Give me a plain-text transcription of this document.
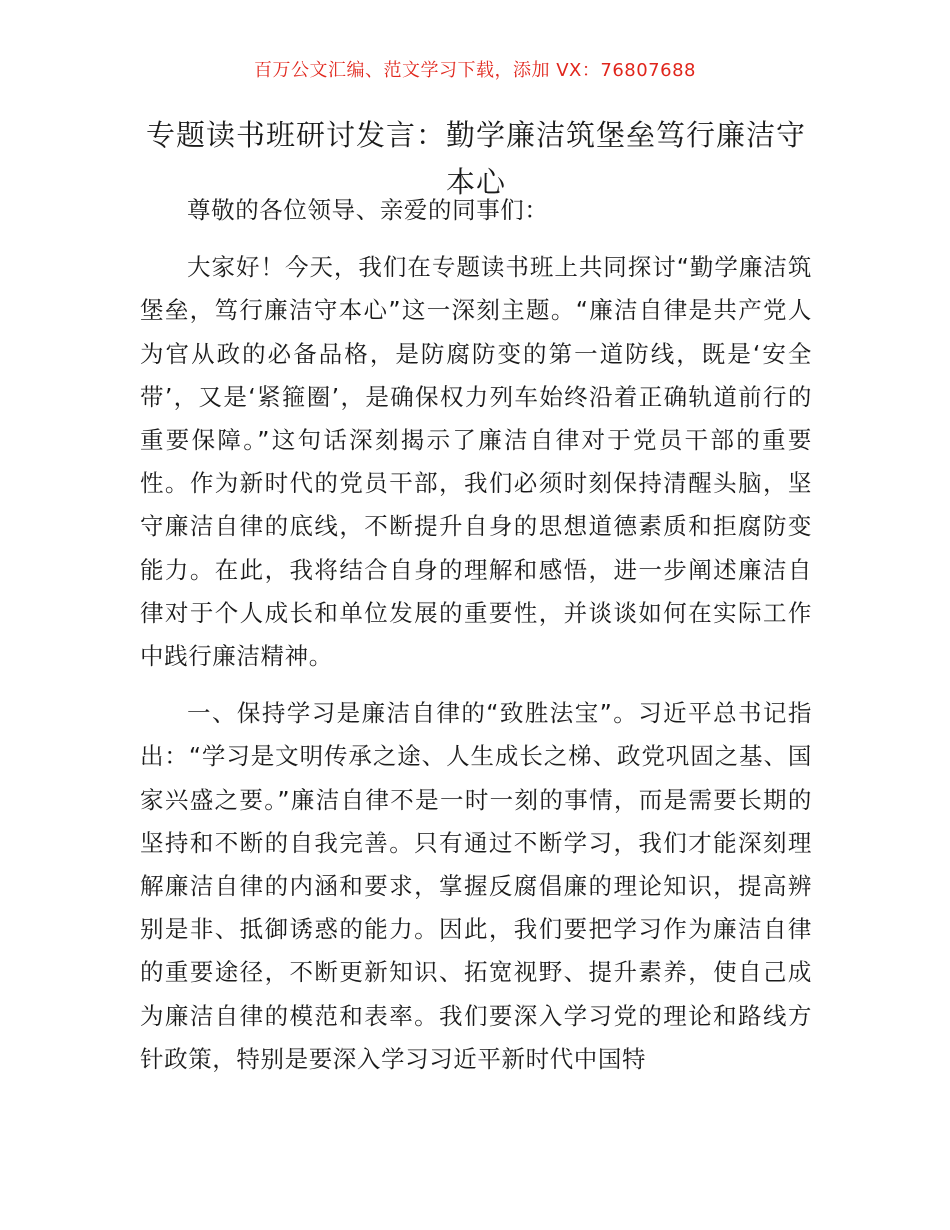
百万公文汇编、范文学习下载，添加 VX：76807688
专题读书班研讨发言：勤学廉洁筑堡垒笃行廉洁守本心

尊敬的各位领导、亲爱的同事们：

大家好！今天，我们在专题读书班上共同探讨“勤学廉洁筑堡垒，笃行廉洁守本心”这一深刻主题。“廉洁自律是共产党人为官从政的必备品格，是防腐防变的第一道防线，既是‘安全带’，又是‘紧箍圈’，是确保权力列车始终沿着正确轨道前行的重要保障。”这句话深刻揭示了廉洁自律对于党员干部的重要性。作为新时代的党员干部，我们必须时刻保持清醒头脑，坚守廉洁自律的底线，不断提升自身的思想道德素质和拒腐防变能力。在此，我将结合自身的理解和感悟，进一步阐述廉洁自律对于个人成长和单位发展的重要性，并谈谈如何在实际工作中践行廉洁精神。

一、保持学习是廉洁自律的“致胜法宝”。习近平总书记指出：“学习是文明传承之途、人生成长之梯、政党巩固之基、国家兴盛之要。”廉洁自律不是一时一刻的事情，而是需要长期的坚持和不断的自我完善。只有通过不断学习，我们才能深刻理解廉洁自律的内涵和要求，掌握反腐倡廉的理论知识，提高辨别是非、抵御诱惑的能力。因此，我们要把学习作为廉洁自律的重要途径，不断更新知识、拓宽视野、提升素养，使自己成为廉洁自律的模范和表率。我们要深入学习党的理论和路线方针政策，特别是要深入学习习近平新时代中国特
